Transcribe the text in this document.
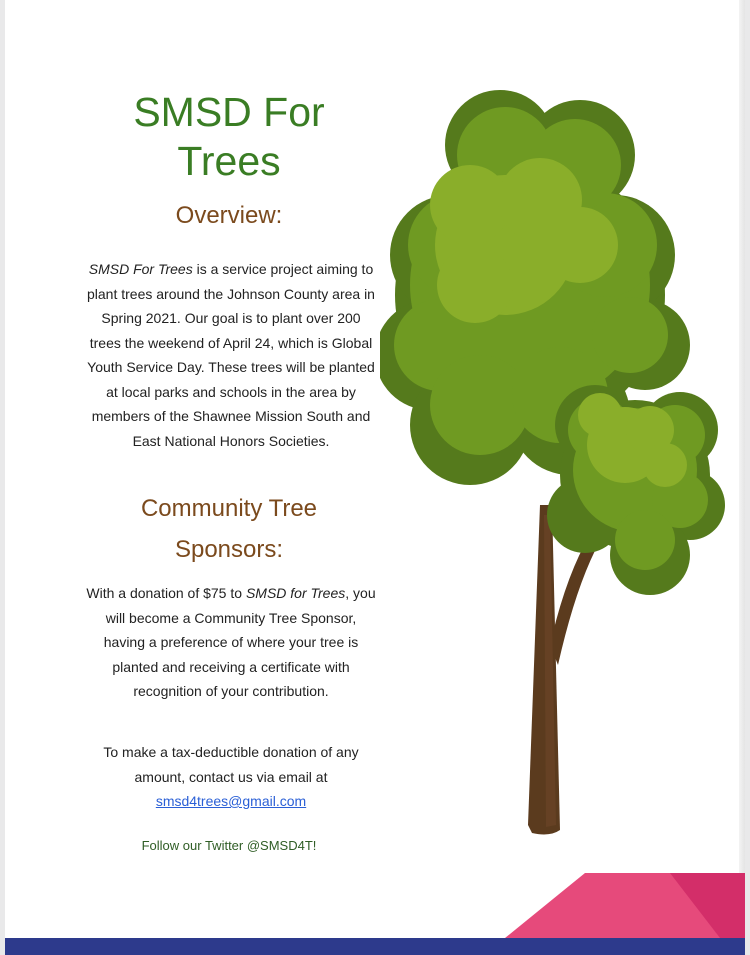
SMSD For Trees
Overview:
SMSD For Trees is a service project aiming to plant trees around the Johnson County area in Spring 2021. Our goal is to plant over 200 trees the weekend of April 24, which is Global Youth Service Day. These trees will be planted at local parks and schools in the area by members of the Shawnee Mission South and East National Honors Societies.
Community Tree Sponsors:
With a donation of $75 to SMSD for Trees, you will become a Community Tree Sponsor, having a preference of where your tree is planted and receiving a certificate with recognition of your contribution.
To make a tax-deductible donation of any amount, contact us via email at
smsd4trees@gmail.com
Follow our Twitter @SMSD4T!
